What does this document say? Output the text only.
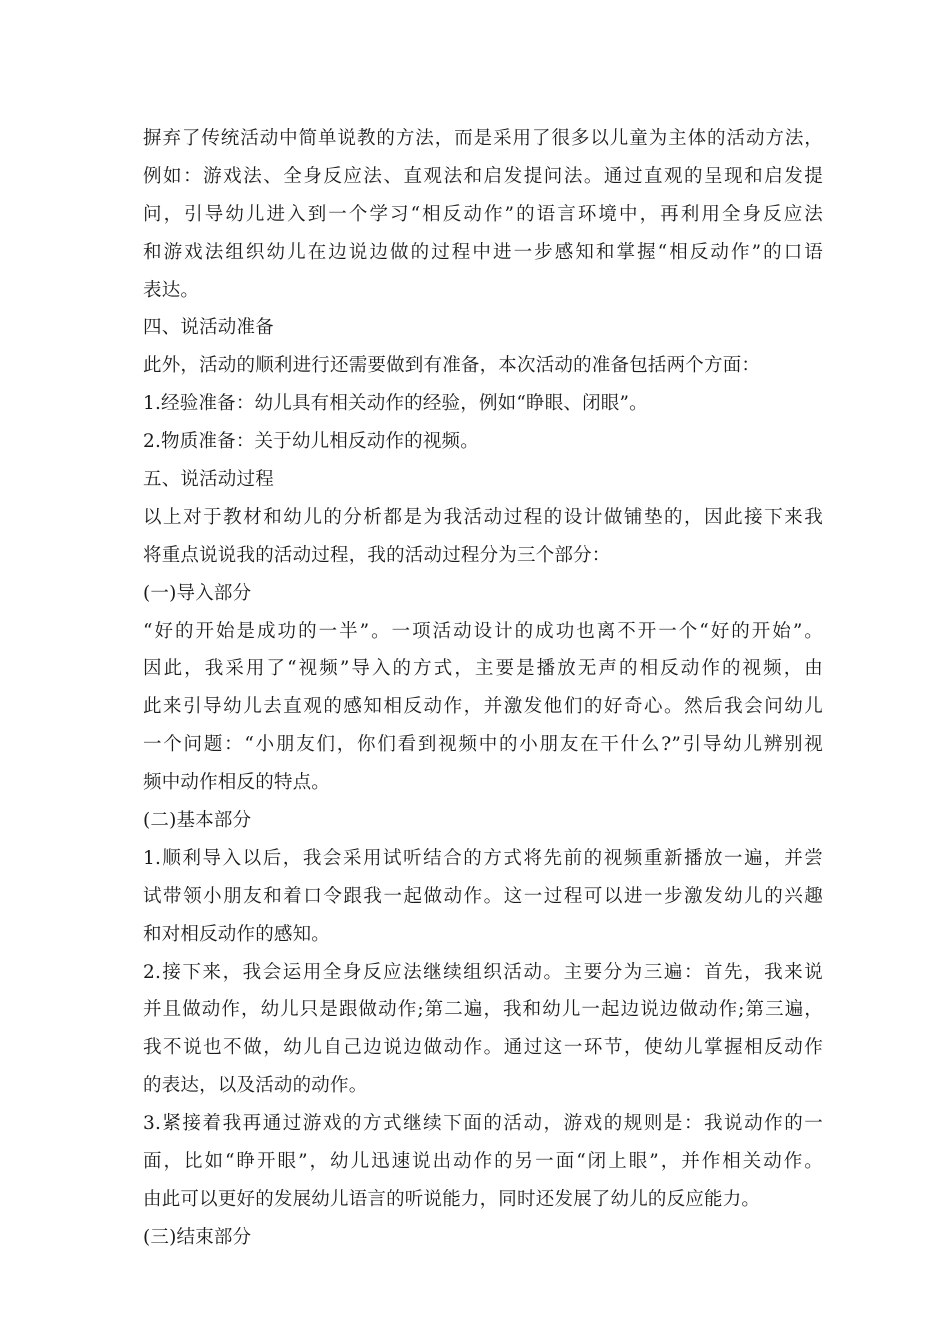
摒弃了传统活动中简单说教的方法，而是采用了很多以儿童为主体的活动方法，
例如：游戏法、全身反应法、直观法和启发提问法。通过直观的呈现和启发提
问，引导幼儿进入到一个学习“相反动作”的语言环境中，再利用全身反应法
和游戏法组织幼儿在边说边做的过程中进一步感知和掌握“相反动作”的口语
表达。
四、说活动准备
此外，活动的顺利进行还需要做到有准备，本次活动的准备包括两个方面：
1.经验准备：幼儿具有相关动作的经验，例如“睁眼、闭眼”。
2.物质准备：关于幼儿相反动作的视频。
五、说活动过程
以上对于教材和幼儿的分析都是为我活动过程的设计做铺垫的，因此接下来我
将重点说说我的活动过程，我的活动过程分为三个部分：
(一)导入部分
“好的开始是成功的一半”。一项活动设计的成功也离不开一个“好的开始”。
因此，我采用了“视频”导入的方式，主要是播放无声的相反动作的视频，由
此来引导幼儿去直观的感知相反动作，并激发他们的好奇心。然后我会问幼儿
一个问题：“小朋友们，你们看到视频中的小朋友在干什么?”引导幼儿辨别视
频中动作相反的特点。
(二)基本部分
1.顺利导入以后，我会采用试听结合的方式将先前的视频重新播放一遍，并尝
试带领小朋友和着口令跟我一起做动作。这一过程可以进一步激发幼儿的兴趣
和对相反动作的感知。
2.接下来，我会运用全身反应法继续组织活动。主要分为三遍：首先，我来说
并且做动作，幼儿只是跟做动作;第二遍，我和幼儿一起边说边做动作;第三遍，
我不说也不做，幼儿自己边说边做动作。通过这一环节，使幼儿掌握相反动作
的表达，以及活动的动作。
3.紧接着我再通过游戏的方式继续下面的活动，游戏的规则是：我说动作的一
面，比如“睁开眼”，幼儿迅速说出动作的另一面“闭上眼”，并作相关动作。
由此可以更好的发展幼儿语言的听说能力，同时还发展了幼儿的反应能力。
(三)结束部分
